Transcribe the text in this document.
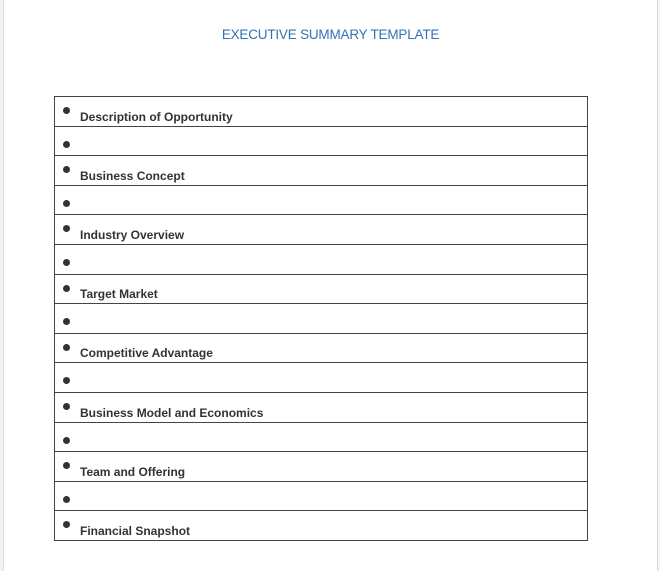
EXECUTIVE SUMMARY TEMPLATE
Description of Opportunity

Business Concept

Industry Overview

Target Market

Competitive Advantage

Business Model and Economics

Team and Offering

Financial Snapshot
